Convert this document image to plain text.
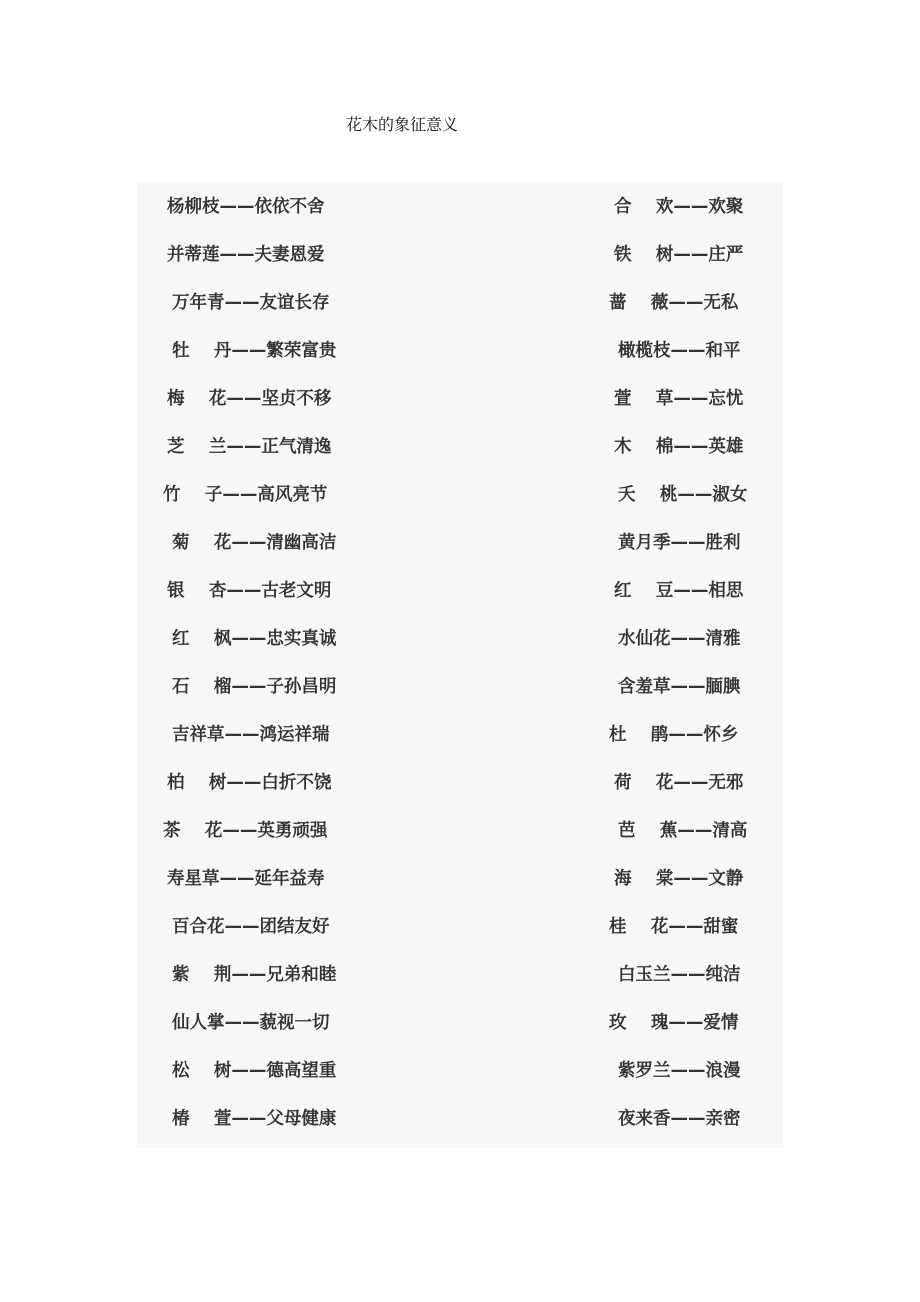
花木的象征意义
杨柳枝——依依不舍	合    欢——欢聚
并蒂莲——夫妻恩爱	铁    树——庄严
万年青——友谊长存	蔷    薇——无私
牡    丹——繁荣富贵	橄榄枝——和平
梅    花——坚贞不移	萱    草——忘忧
芝    兰——正气清逸	木    棉——英雄
竹    子——高风亮节	夭    桃——淑女
菊    花——清幽高洁	黄月季——胜利
银    杏——古老文明	红    豆——相思
红    枫——忠实真诚	水仙花——清雅
石    榴——子孙昌明	含羞草——腼腆
吉祥草——鸿运祥瑞	杜    鹃——怀乡
柏    树——白折不饶	荷    花——无邪
茶    花——英勇顽强	芭    蕉——清高
寿星草——延年益寿	海    棠——文静
百合花——团结友好	桂    花——甜蜜
紫    荆——兄弟和睦	白玉兰——纯洁
仙人掌——藐视一切	玫    瑰——爱情
松    树——德高望重	紫罗兰——浪漫
椿    萱——父母健康	夜来香——亲密
